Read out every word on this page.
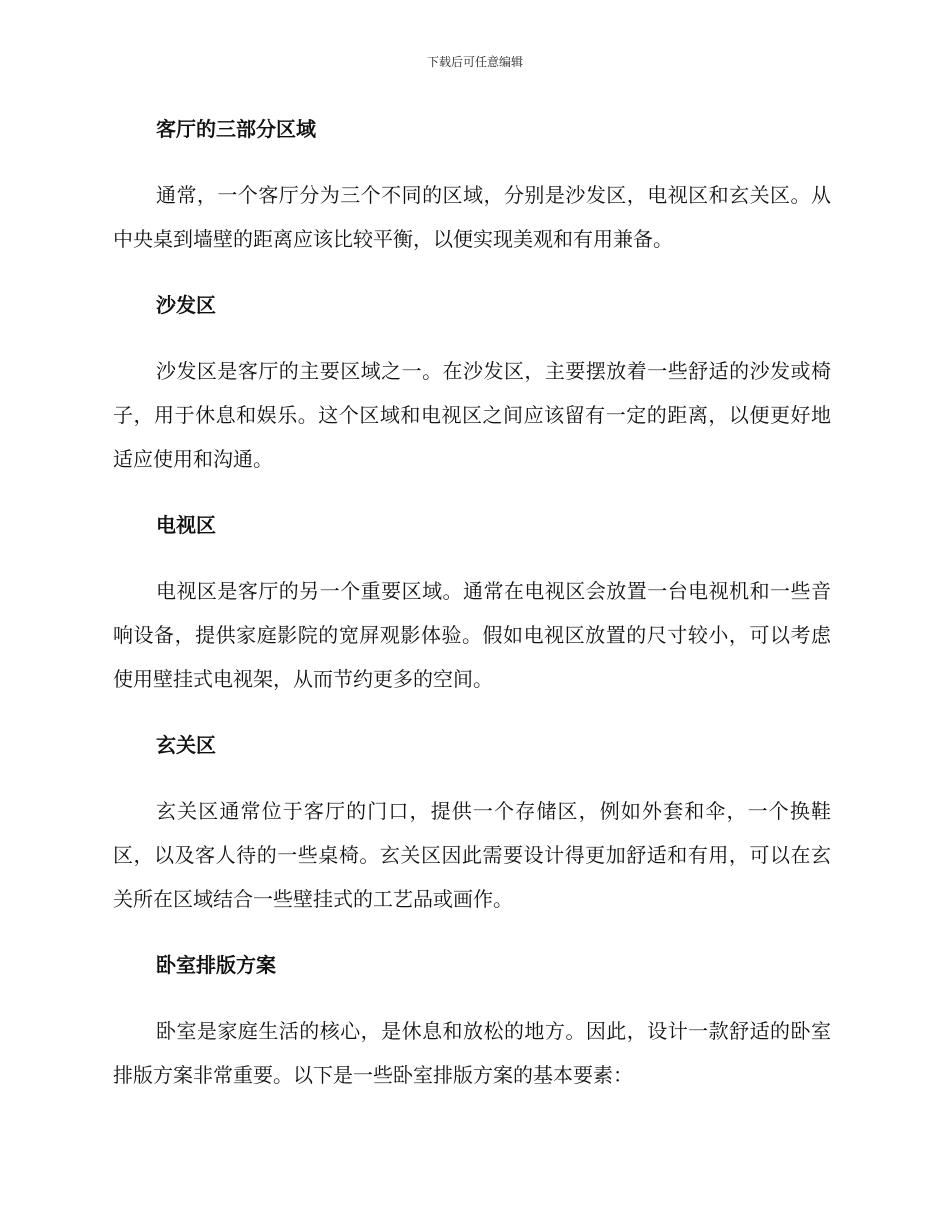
下载后可任意编辑
客厅的三部分区域

通常，一个客厅分为三个不同的区域，分别是沙发区，电视区和玄关区。从中央桌到墙壁的距离应该比较平衡，以便实现美观和有用兼备。

沙发区

沙发区是客厅的主要区域之一。在沙发区，主要摆放着一些舒适的沙发或椅子，用于休息和娱乐。这个区域和电视区之间应该留有一定的距离，以便更好地适应使用和沟通。

电视区

电视区是客厅的另一个重要区域。通常在电视区会放置一台电视机和一些音响设备，提供家庭影院的宽屏观影体验。假如电视区放置的尺寸较小，可以考虑使用壁挂式电视架，从而节约更多的空间。

玄关区

玄关区通常位于客厅的门口，提供一个存储区，例如外套和伞，一个换鞋区，以及客人待的一些桌椅。玄关区因此需要设计得更加舒适和有用，可以在玄关所在区域结合一些壁挂式的工艺品或画作。

卧室排版方案

卧室是家庭生活的核心，是休息和放松的地方。因此，设计一款舒适的卧室排版方案非常重要。以下是一些卧室排版方案的基本要素：
